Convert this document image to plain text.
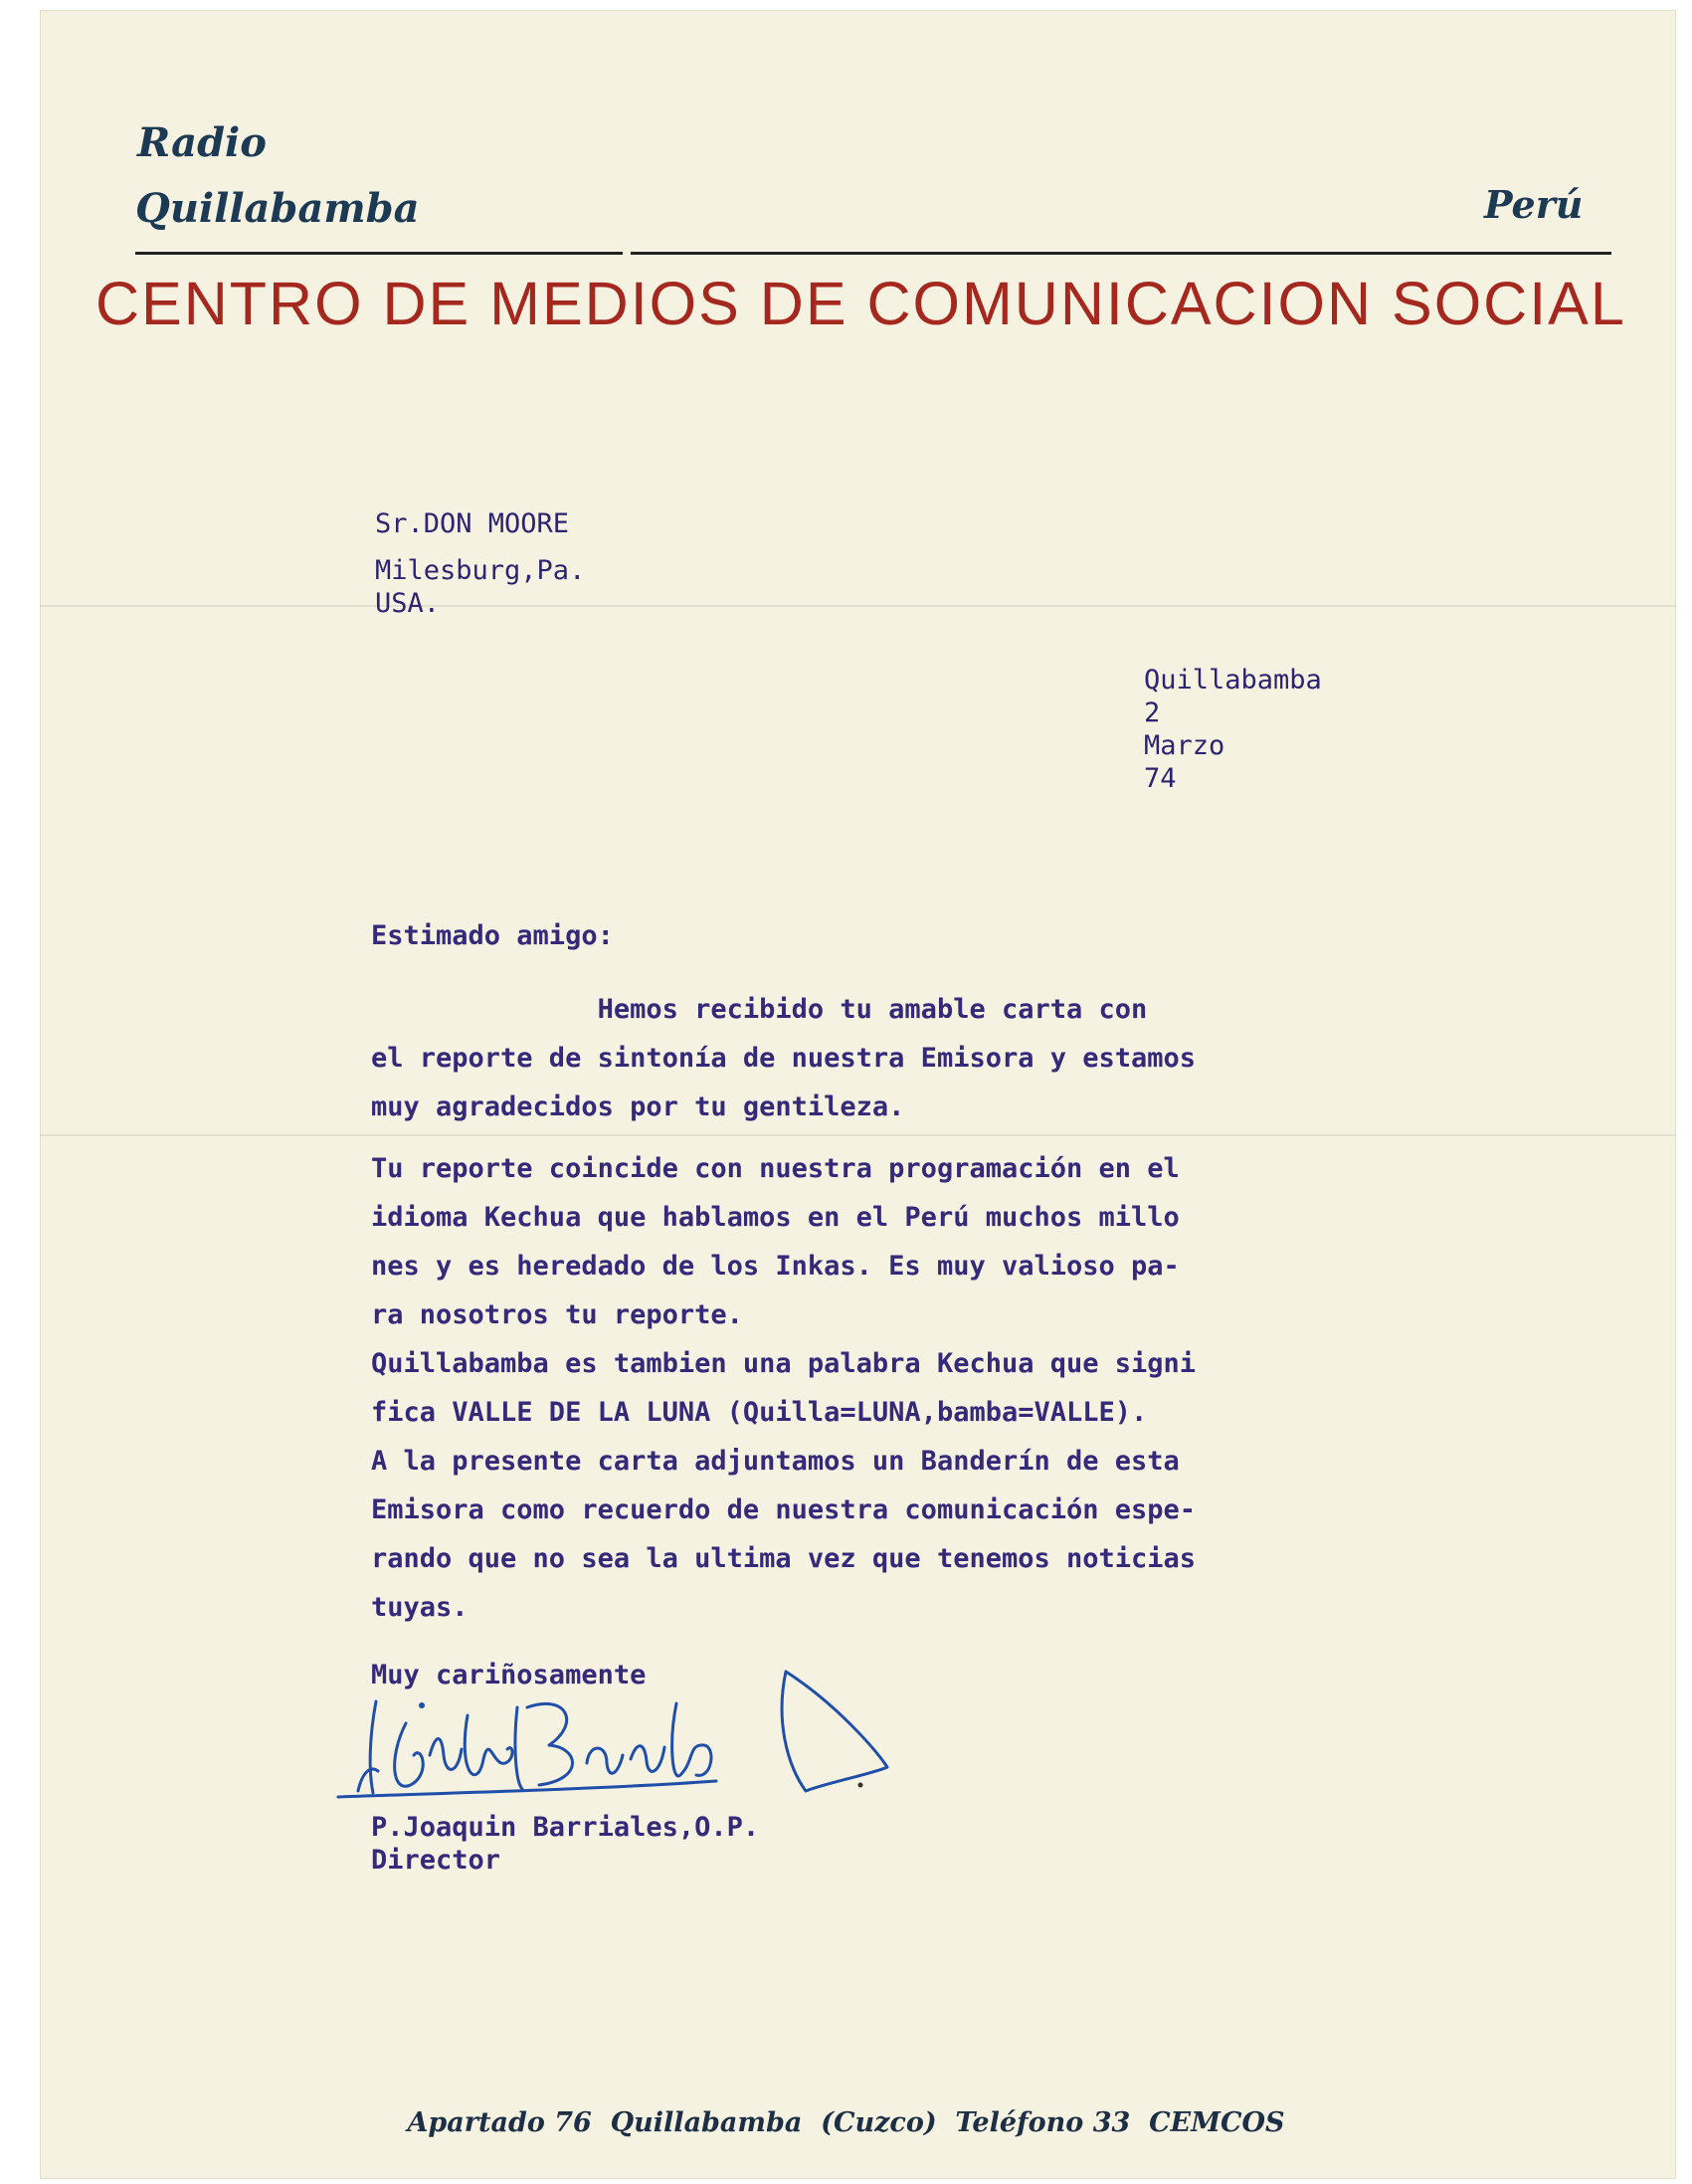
Radio
Quillabamba	Perú
CENTRO DE MEDIOS DE COMUNICACION SOCIAL
Sr.DON MOORE
Milesburg,Pa.
USA.
Quillabamba
2
Marzo
74
Estimado amigo:
Hemos recibido tu amable carta con
el reporte de sintonía de nuestra Emisora y estamos
muy agradecidos por tu gentileza.
Tu reporte coincide con nuestra programación en el
idioma Kechua que hablamos en el Perú muchos millo
nes y es heredado de los Inkas. Es muy valioso pa-
ra nosotros tu reporte.
Quillabamba es tambien una palabra Kechua que signi
fica VALLE DE LA LUNA (Quilla=LUNA,bamba=VALLE).
A la presente carta adjuntamos un Banderín de esta
Emisora como recuerdo de nuestra comunicación espe-
rando que no sea la ultima vez que tenemos noticias
tuyas.
Muy cariñosamente
P.Joaquin Barriales,O.P.
Director
Apartado 76  Quillabamba  (Cuzco)  Teléfono 33  CEMCOS
